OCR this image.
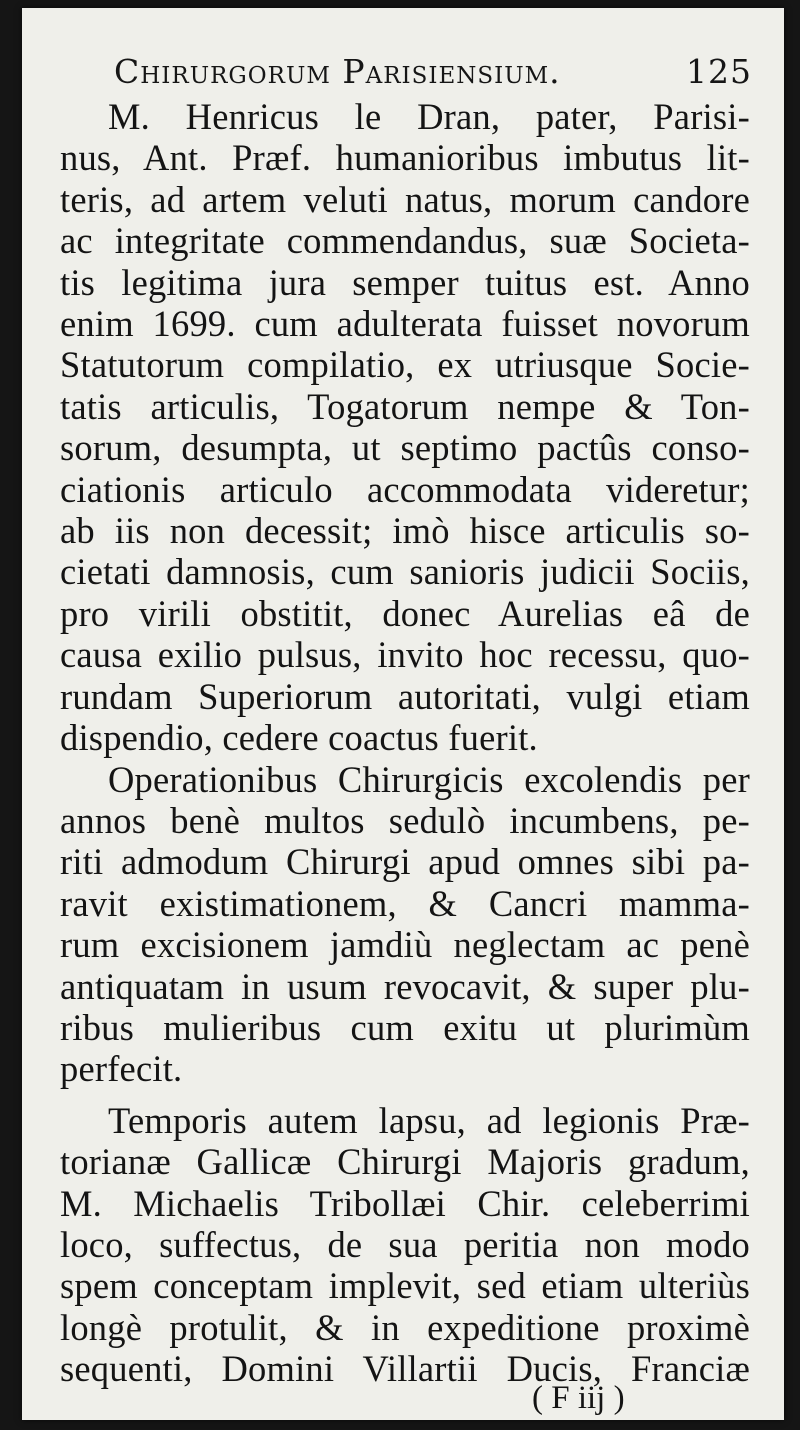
Chirurgorum Parisiensium.	125

M. Henricus le Dran, pater, Parisi-
nus, Ant. Præf. humanioribus imbutus lit-
teris, ad artem veluti natus, morum candore
ac integritate commendandus, suæ Societa-
tis legitima jura semper tuitus est. Anno
enim 1699. cum adulterata fuisset novorum
Statutorum compilatio, ex utriusque Socie-
tatis articulis, Togatorum nempe & Ton-
sorum, desumpta, ut septimo pactûs conso-
ciationis articulo accommodata videretur;
ab iis non decessit; imò hisce articulis so-
cietati damnosis, cum sanioris judicii Sociis,
pro virili obstitit, donec Aurelias eâ de
causa exilio pulsus, invito hoc recessu, quo-
rundam Superiorum autoritati, vulgi etiam
dispendio, cedere coactus fuerit.

Operationibus Chirurgicis excolendis per
annos benè multos sedulò incumbens, pe-
riti admodum Chirurgi apud omnes sibi pa-
ravit existimationem, & Cancri mamma-
rum excisionem jamdiù neglectam ac penè
antiquatam in usum revocavit, & super plu-
ribus mulieribus cum exitu ut plurimùm
perfecit.

Temporis autem lapsu, ad legionis Præ-
torianæ Gallicæ Chirurgi Majoris gradum,
M. Michaelis Tribollæi Chir. celeberrimi
loco, suffectus, de sua peritia non modo
spem conceptam implevit, sed etiam ulteriùs
longè protulit, & in expeditione proximè
sequenti, Domini Villartii Ducis, Franciæ

( F iij )
